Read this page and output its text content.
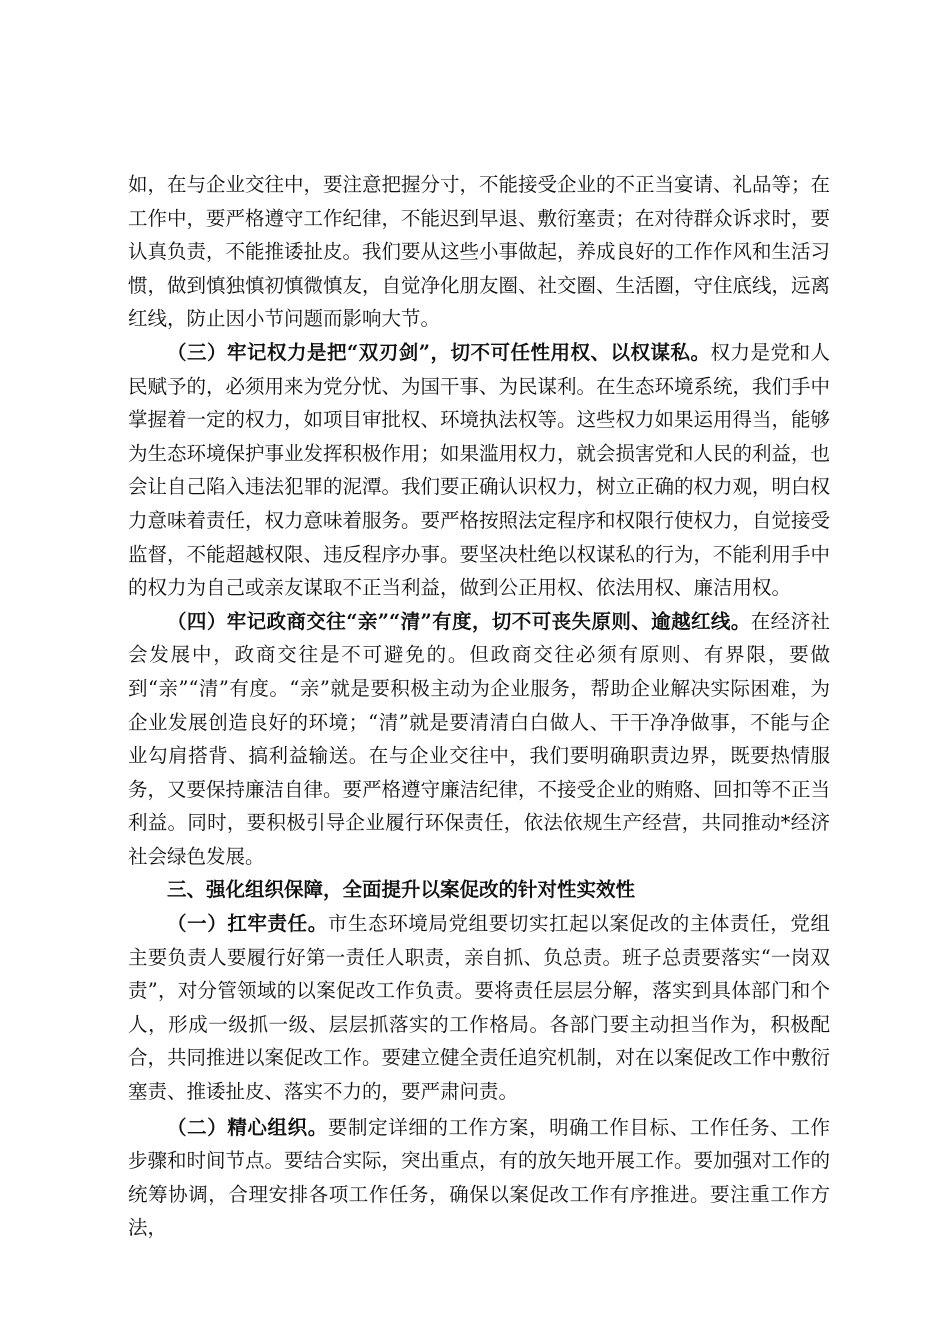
如，在与企业交往中，要注意把握分寸，不能接受企业的不正当宴请、礼品等；在工作中，要严格遵守工作纪律，不能迟到早退、敷衍塞责；在对待群众诉求时，要认真负责，不能推诿扯皮。我们要从这些小事做起，养成良好的工作作风和生活习惯，做到慎独慎初慎微慎友，自觉净化朋友圈、社交圈、生活圈，守住底线，远离红线，防止因小节问题而影响大节。

（三）牢记权力是把“双刃剑”，切不可任性用权、以权谋私。权力是党和人民赋予的，必须用来为党分忧、为国干事、为民谋利。在生态环境系统，我们手中掌握着一定的权力，如项目审批权、环境执法权等。这些权力如果运用得当，能够为生态环境保护事业发挥积极作用；如果滥用权力，就会损害党和人民的利益，也会让自己陷入违法犯罪的泥潭。我们要正确认识权力，树立正确的权力观，明白权力意味着责任，权力意味着服务。要严格按照法定程序和权限行使权力，自觉接受监督，不能超越权限、违反程序办事。要坚决杜绝以权谋私的行为，不能利用手中的权力为自己或亲友谋取不正当利益，做到公正用权、依法用权、廉洁用权。

（四）牢记政商交往“亲”“清”有度，切不可丧失原则、逾越红线。在经济社会发展中，政商交往是不可避免的。但政商交往必须有原则、有界限，要做到“亲”“清”有度。“亲”就是要积极主动为企业服务，帮助企业解决实际困难，为企业发展创造良好的环境；“清”就是要清清白白做人、干干净净做事，不能与企业勾肩搭背、搞利益输送。在与企业交往中，我们要明确职责边界，既要热情服务，又要保持廉洁自律。要严格遵守廉洁纪律，不接受企业的贿赂、回扣等不正当利益。同时，要积极引导企业履行环保责任，依法依规生产经营，共同推动*经济社会绿色发展。

三、强化组织保障，全面提升以案促改的针对性实效性

（一）扛牢责任。市生态环境局党组要切实扛起以案促改的主体责任，党组主要负责人要履行好第一责任人职责，亲自抓、负总责。班子总责要落实“一岗双责”，对分管领域的以案促改工作负责。要将责任层层分解，落实到具体部门和个人，形成一级抓一级、层层抓落实的工作格局。各部门要主动担当作为，积极配合，共同推进以案促改工作。要建立健全责任追究机制，对在以案促改工作中敷衍塞责、推诿扯皮、落实不力的，要严肃问责。

（二）精心组织。要制定详细的工作方案，明确工作目标、工作任务、工作步骤和时间节点。要结合实际，突出重点，有的放矢地开展工作。要加强对工作的统筹协调，合理安排各项工作任务，确保以案促改工作有序推进。要注重工作方法，
